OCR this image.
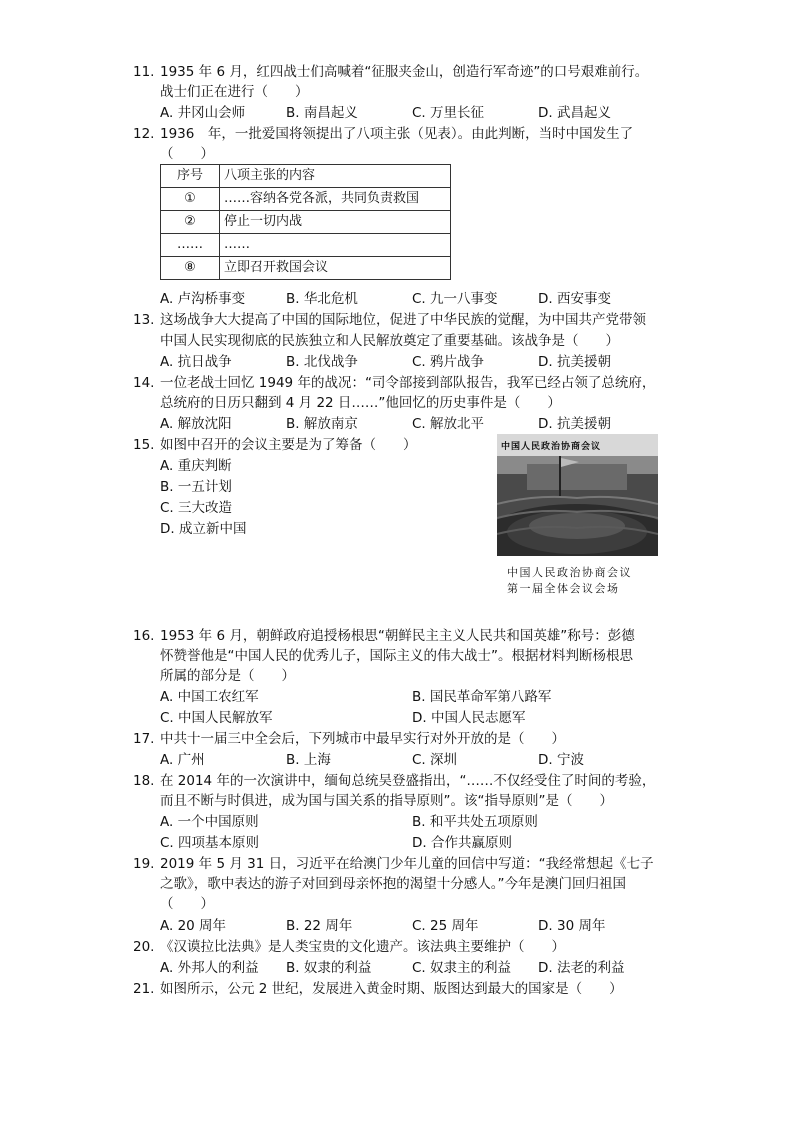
11. 1935 年 6 月，红四战士们高喊着“征服夹金山，创造行军奇迹”的口号艰难前行。
战士们正在进行（　　）
A. 井冈山会师	B. 南昌起义	C. 万里长征	D. 武昌起义
12. 1936　年，一批爱国将领提出了八项主张（见表）。由此判断，当时中国发生了
（　　）
序号	八项主张的内容
①	……容纳各党各派，共同负责救国
②	停止一切内战
……	……
⑧	立即召开救国会议
A. 卢沟桥事变	B. 华北危机	C. 九一八事变	D. 西安事变
13. 这场战争大大提高了中国的国际地位，促进了中华民族的觉醒，为中国共产党带领
中国人民实现彻底的民族独立和人民解放奠定了重要基础。该战争是（　　）
A. 抗日战争	B. 北伐战争	C. 鸦片战争	D. 抗美援朝
14. 一位老战士回忆 1949 年的战况：“司令部接到部队报告，我军已经占领了总统府，
总统府的日历只翻到 4 月 22 日……”他回忆的历史事件是（　　）
A. 解放沈阳	B. 解放南京	C. 解放北平	D. 抗美援朝
15. 如图中召开的会议主要是为了筹备（　　）
A. 重庆判断
B. 一五计划
C. 三大改造
D. 成立新中国
中国人民政治协商会议
中国人民政治协商会议
第一届全体会议会场
16. 1953 年 6 月，朝鲜政府追授杨根思“朝鲜民主主义人民共和国英雄”称号：彭德
怀赞誉他是“中国人民的优秀儿子，国际主义的伟大战士”。根据材料判断杨根思
所属的部分是（　　）
A. 中国工农红军	B. 国民革命军第八路军
C. 中国人民解放军	D. 中国人民志愿军
17. 中共十一届三中全会后，下列城市中最早实行对外开放的是（　　）
A. 广州	B. 上海	C. 深圳	D. 宁波
18. 在 2014 年的一次演讲中，缅甸总统吴登盛指出，“……不仅经受住了时间的考验，
而且不断与时俱进，成为国与国关系的指导原则”。该“指导原则”是（　　）
A. 一个中国原则	B. 和平共处五项原则
C. 四项基本原则	D. 合作共赢原则
19. 2019 年 5 月 31 日，习近平在给澳门少年儿童的回信中写道：“我经常想起《七子
之歌》，歌中表达的游子对回到母亲怀抱的渴望十分感人。”今年是澳门回归祖国
（　　）
A. 20 周年	B. 22 周年	C. 25 周年	D. 30 周年
20. 《汉谟拉比法典》是人类宝贵的文化遗产。该法典主要维护（　　）
A. 外邦人的利益 B. 奴隶的利益	C. 奴隶主的利益 D. 法老的利益
21. 如图所示，公元 2 世纪，发展进入黄金时期、版图达到最大的国家是（　　）
